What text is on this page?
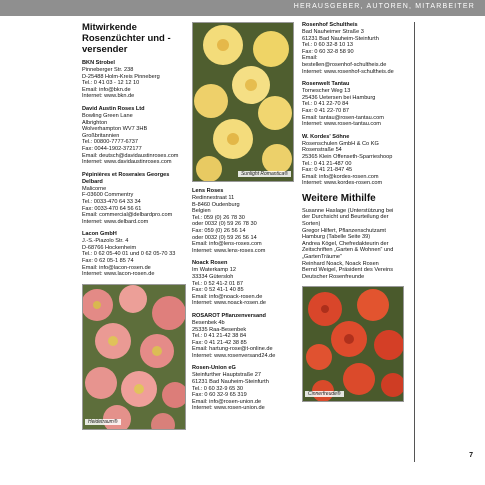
HERAUSGEBER, AUTOREN, MITARBEITER
Mitwirkende Rosenzüchter und -versender
BKN Strobel
Pinneberger Str. 238
D-25488 Holm-Kreis Pinneberg
Tel.: 0 41 03 - 12 12 10
Email: info@bkn.de
Internet: www.bkn.de
David Austin Roses Ltd
Bowling Green Lane
Albrighton
Wolverhampton WV7 3HB
Großbritannien
Tel.: 00800-7777-6737
Fax: 0044-1902-372177
Email: deutsch@davidaustinroses.com
Internet: www.davidaustinroses.com
Pépinières et Roseraies Georges Delbard
Malicorne
F-03600 Commentry
Tel.: 0033-470 64 33 34
Fax: 0033-470 64 56 61
Email: commercial@delbardpro.com
Internet: www.delbard.com
Lacon GmbH
J.-S.-Piazolo Str. 4
D-68766 Hockenheim
Tel.: 0 62 05-40 01 und 0 62 05-70 33
Fax: 0 62 05-1 85 74
Email: info@lacon-rosen.de
Internet: www.lacon-rosen.de
Heidetraum®
Sunlight Romantica®
Lens Roses
Redinnestraat 11
B-8460 Oudenburg
Belgien
Tel.: 059 (0) 26 78 30
oder 0032 (0) 59 26 78 30
Fax: 059 (0) 26 56 14
oder 0032 (0) 59 26 56 14
Email: info@lens-roses.com
Internet: www.lens-roses.com
Noack Rosen
Im Waterkamp 12
33334 Gütersloh
Tel.: 0 52 41-2 01 87
Fax: 0 52 41-1 40 85
Email: info@noack-rosen.de
Internet: www.noack-rosen.de
ROSAROT Pflanzenversand
Besenbek 4b
25335 Raa-Besenbek
Tel.: 0 41 21-42 38 84
Fax: 0 41 21-42 38 85
Email: hartung-rose@t-online.de
Internet: www.rosenversand24.de
Rosen-Union eG
Steinfurther Hauptstraße 27
61231 Bad Nauheim-Steinfurth
Tel.: 0 60 32-9 65 30
Fax: 0 60 32-9 65 319
Email: info@rosen-union.de
Internet: www.rosen-union.de
Rosenhof Schultheis
Bad Nauheimer Straße 3
61231 Bad Nauheim-Steinfurth
Tel.: 0 60 32-8 10 13
Fax: 0 60 32-8 58 90
Email:
bestellen@rosenhof-schultheis.de
Internet: www.rosenhof-schultheis.de
Rosenwelt Tantau
Tornescher Weg 13
25436 Uetersen bei Hamburg
Tel.: 0 41 22-70 84
Fax: 0 41 22-70 87
Email: tantau@rosen-tantau.com
Internet: www.rosen-tantau.com
W. Kordes' Söhne
Rosenschulen GmbH & Co KG
Rosenstraße 54
25365 Klein Offenseth-Sparrieshoop
Tel.: 0 41 21-487 00
Fax: 0 41 21-847 45
Email: info@kordes-rosen.com
Internet: www.kordes-rosen.com
Weitere Mithilfe
Susanne Haslage (Unterstützung bei
der Durchsicht und Beurteilung der
Sorten)
Gregor Hilfert, Pflanzenschutzamt
Hamburg (Tabelle Seite 39)
Andrea Kögel, Chefredakteurin der
Zeitschriften „Garten & Wohnen“ und
„GartenTräume“
Reinhard Noack, Noack Rosen
Bernd Weigel, Präsident des Vereins
Deutscher Rosenfreunde
Cinnerfreude®
7
